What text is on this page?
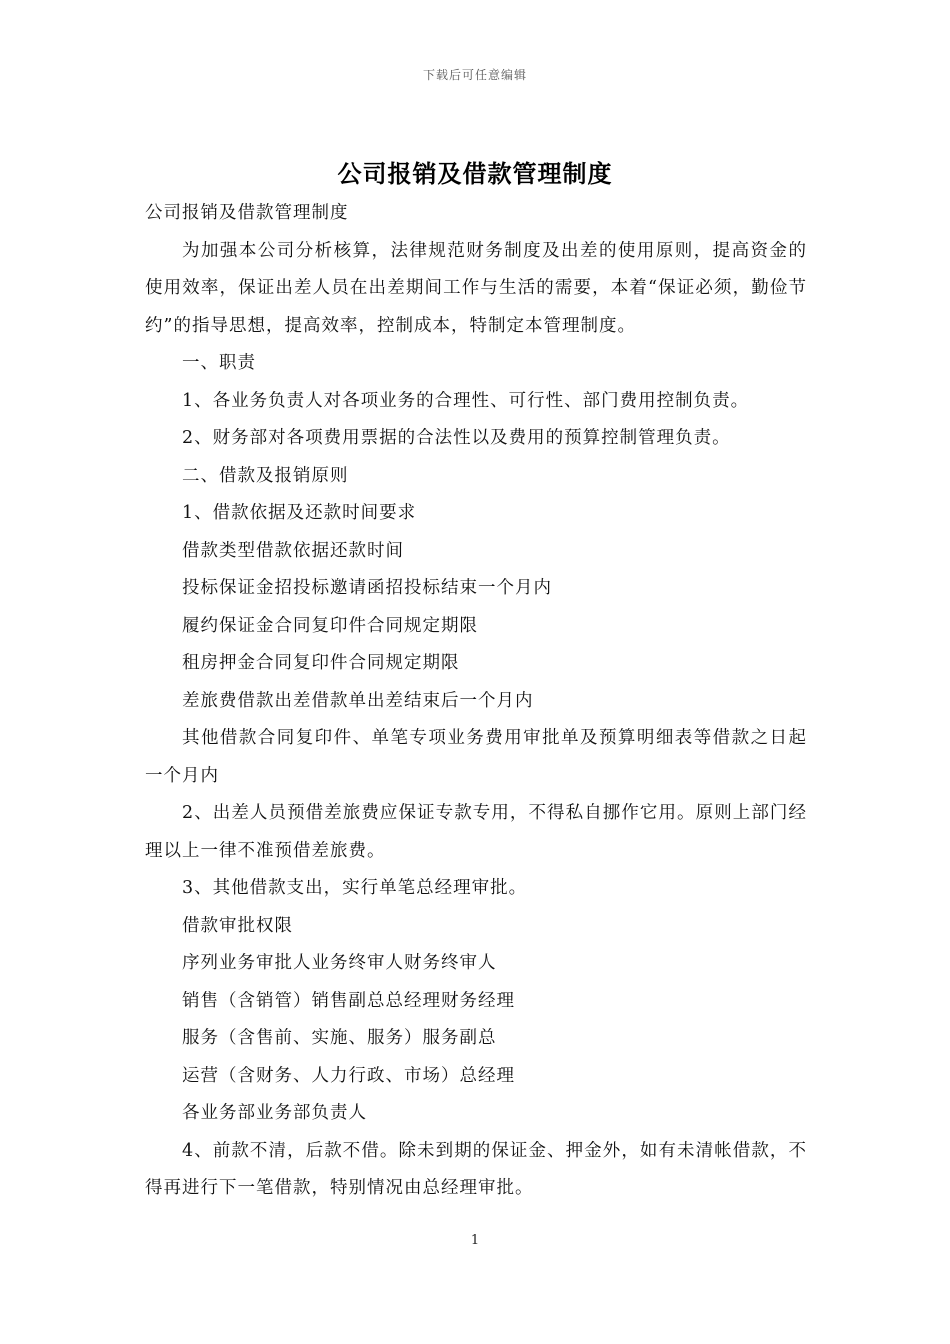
下载后可任意编辑
公司报销及借款管理制度

公司报销及借款管理制度

为加强本公司分析核算，法律规范财务制度及出差的使用原则，提高资金的使用效率，保证出差人员在出差期间工作与生活的需要，本着“保证必须，勤俭节约”的指导思想，提高效率，控制成本，特制定本管理制度。

一、职责

1、各业务负责人对各项业务的合理性、可行性、部门费用控制负责。

2、财务部对各项费用票据的合法性以及费用的预算控制管理负责。

二、借款及报销原则

1、借款依据及还款时间要求

借款类型借款依据还款时间

投标保证金招投标邀请函招投标结束一个月内

履约保证金合同复印件合同规定期限

租房押金合同复印件合同规定期限

差旅费借款出差借款单出差结束后一个月内

其他借款合同复印件、单笔专项业务费用审批单及预算明细表等借款之日起一个月内

2、出差人员预借差旅费应保证专款专用，不得私自挪作它用。原则上部门经理以上一律不准预借差旅费。

3、其他借款支出，实行单笔总经理审批。

借款审批权限

序列业务审批人业务终审人财务终审人

销售（含销管）销售副总总经理财务经理

服务（含售前、实施、服务）服务副总

运营（含财务、人力行政、市场）总经理

各业务部业务部负责人

4、前款不清，后款不借。除未到期的保证金、押金外，如有未清帐借款，不得再进行下一笔借款，特别情况由总经理审批。

1
